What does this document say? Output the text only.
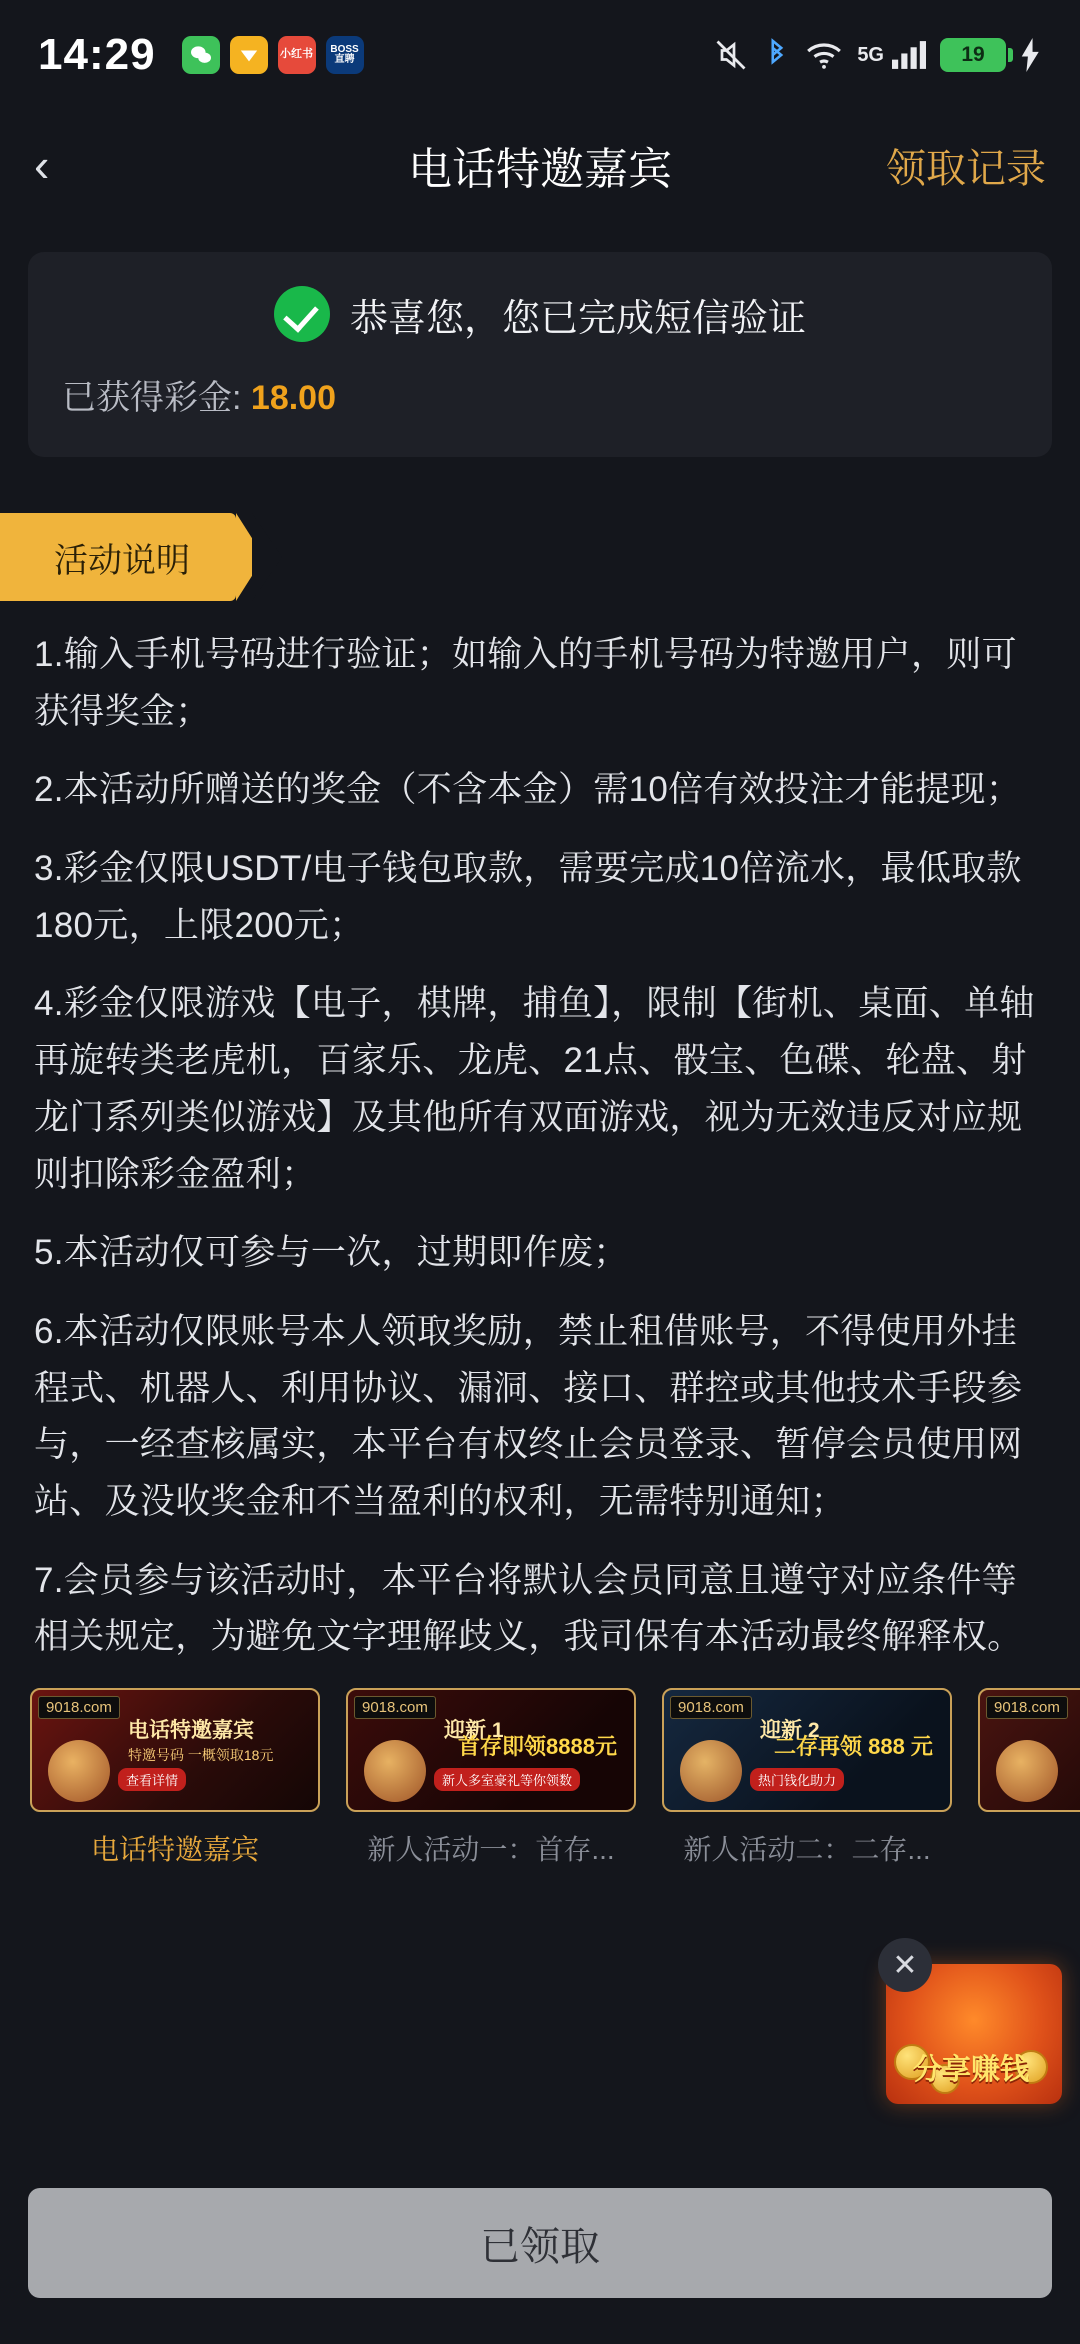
14:29	小红书	BOSS直聘	5G	19
‹	电话特邀嘉宾	领取记录
恭喜您，您已完成短信验证
已获得彩金: 18.00
活动说明

1.输入手机号码进行验证；如输入的手机号码为特邀用户，则可获得奖金；

2.本活动所赠送的奖金（不含本金）需10倍有效投注才能提现；

3.彩金仅限USDT/电子钱包取款，需要完成10倍流水，最低取款180元，上限200元；

4.彩金仅限游戏【电子，棋牌，捕鱼】，限制【街机、桌面、单轴再旋转类老虎机，百家乐、龙虎、21点、骰宝、色碟、轮盘、射龙门系列类似游戏】及其他所有双面游戏，视为无效违反对应规则扣除彩金盈利；

5.本活动仅可参与一次，过期即作废；

6.本活动仅限账号本人领取奖励，禁止租借账号，不得使用外挂程式、机器人、利用协议、漏洞、接口、群控或其他技术手段参与，一经查核属实，本平台有权终止会员登录、暂停会员使用网站、及没收奖金和不当盈利的权利，无需特别通知；

7.会员参与该活动时，本平台将默认会员同意且遵守对应条件等相关规定，为避免文字理解歧义，我司保有本活动最终解释权。

9018.com
电话特邀嘉宾
特邀号码 一概领取18元
查看详情
电话特邀嘉宾
9018.com
迎新 1
首存即领8888元
新人多室豪礼等你领数
新人活动一：首存...
9018.com
迎新 2
二存再领 888 元
热门钱化助力
新人活动二：二存...
9018.com
✕
分享赚钱
已领取
